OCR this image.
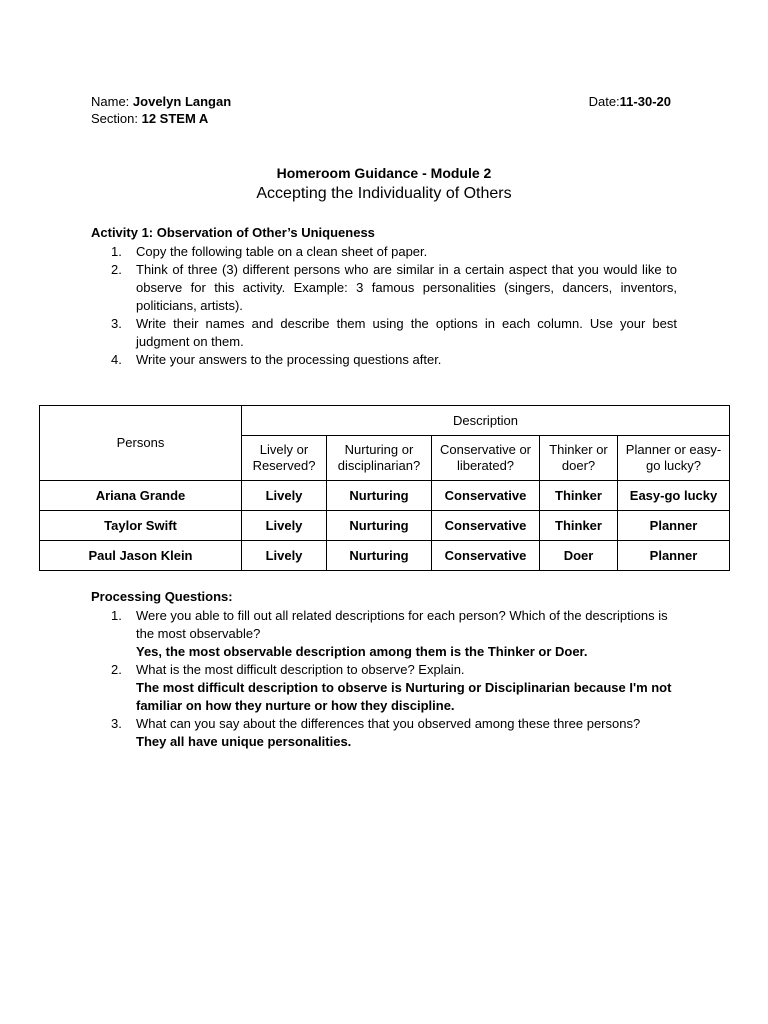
Name: Jovelyn Langan
Section: 12 STEM A
Date:11-30-20
Homeroom Guidance - Module 2
Accepting the Individuality of Others
Activity 1: Observation of Other’s Uniqueness
1. Copy the following table on a clean sheet of paper.
2. Think of three (3) different persons who are similar in a certain aspect that you would like to observe for this activity. Example: 3 famous personalities (singers, dancers, inventors, politicians, artists).
3. Write their names and describe them using the options in each column. Use your best judgment on them.
4. Write your answers to the processing questions after.
Persons	Description				
	Lively or Reserved?	Nurturing or disciplinarian?	Conservative or liberated?	Thinker or doer?	Planner or easy-go lucky?
Ariana Grande	Lively	Nurturing	Conservative	Thinker	Easy-go lucky
Taylor Swift	Lively	Nurturing	Conservative	Thinker	Planner
Paul Jason Klein	Lively	Nurturing	Conservative	Doer	Planner
Processing Questions:
1. Were you able to fill out all related descriptions for each person? Which of the descriptions is the most observable?
Yes, the most observable description among them is the Thinker or Doer.
2. What is the most difficult description to observe? Explain.
The most difficult description to observe is Nurturing or Disciplinarian because I'm not familiar on how they nurture or how they discipline.
3. What can you say about the differences that you observed among these three persons?
They all have unique personalities.
